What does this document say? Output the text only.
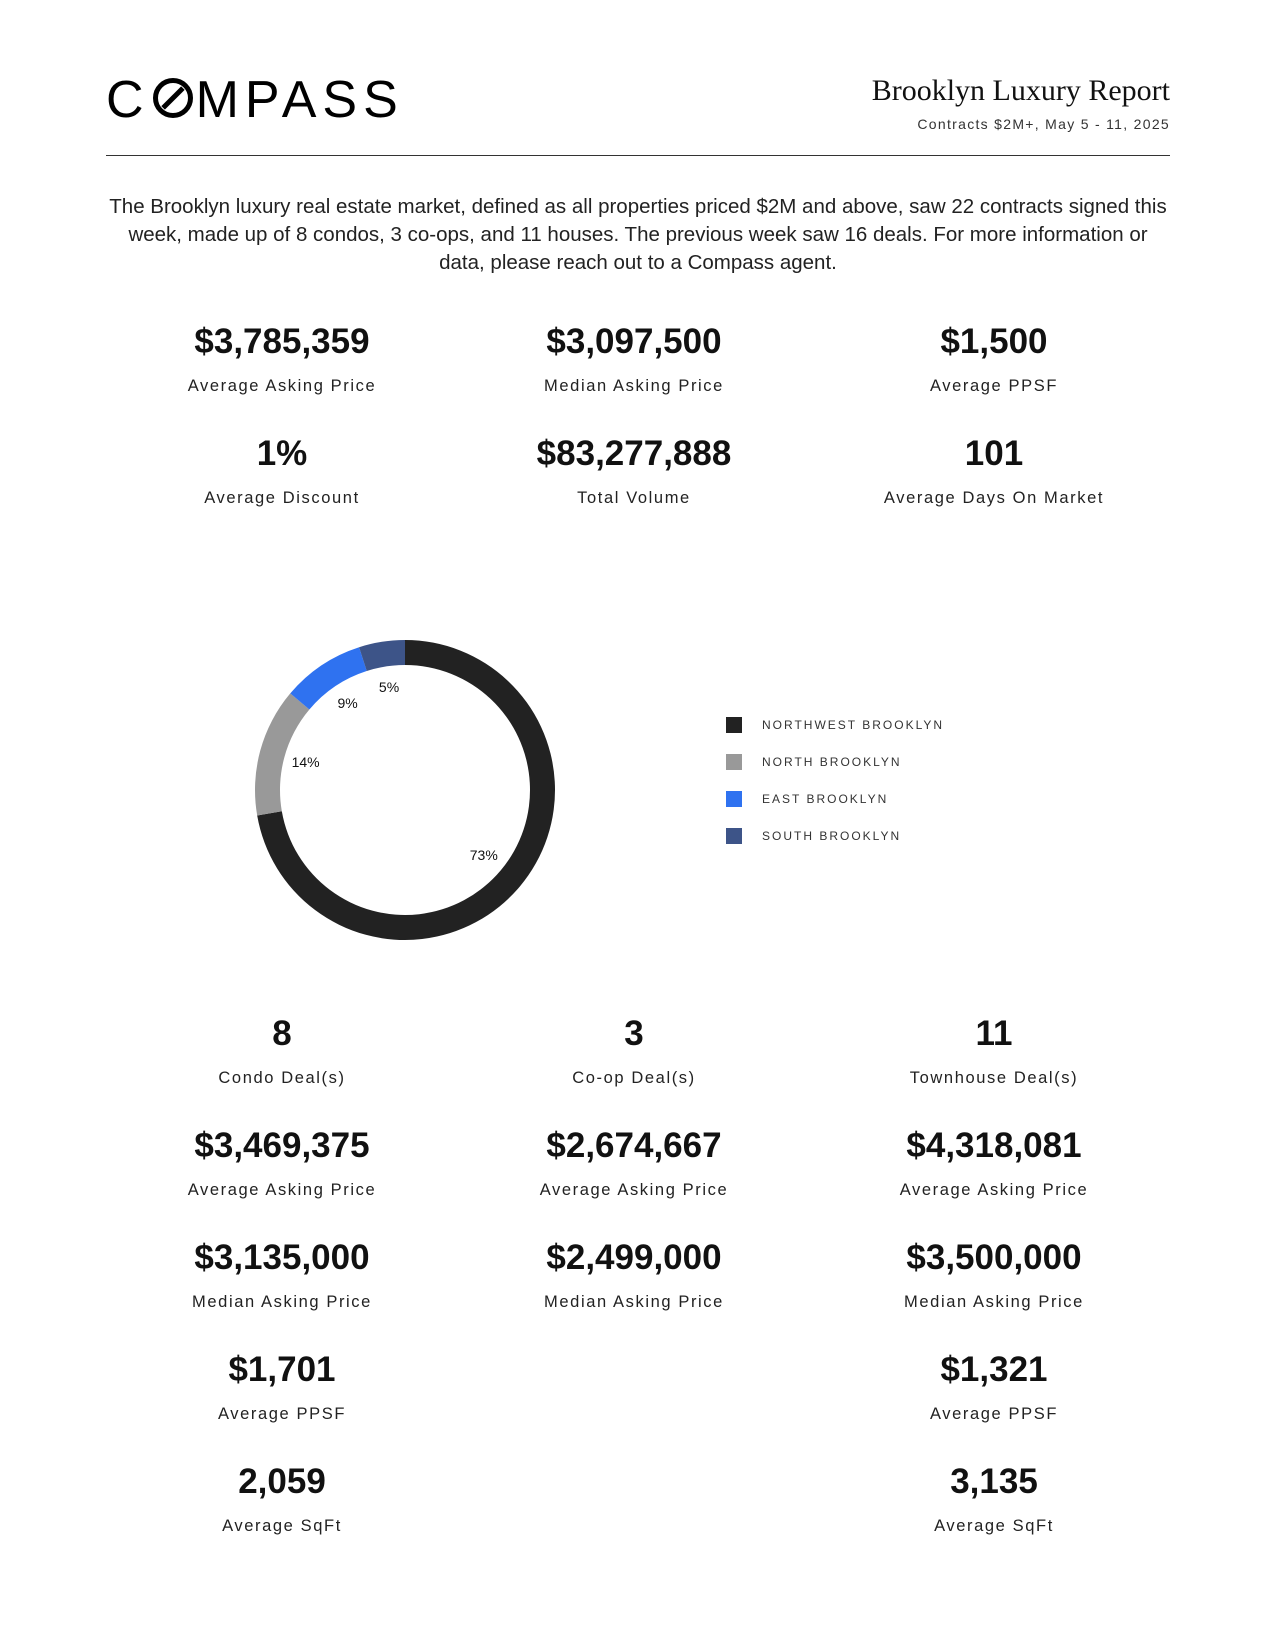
C MPASS	Brooklyn Luxury Report
Contracts $2M+, May 5 - 11, 2025

The Brooklyn luxury real estate market, defined as all properties priced $2M and above, saw 22 contracts signed this week, made up of 8 condos, 3 co-ops, and 11 houses. The previous week saw 16 deals. For more information or data, please reach out to a Compass agent.

$3,785,359
Average Asking Price
$3,097,500
Median Asking Price
$1,500
Average PPSF
1%
Average Discount
$83,277,888
Total Volume
101
Average Days On Market
73%
14%
9%
5%
NORTHWEST BROOKLYN
NORTH BROOKLYN
EAST BROOKLYN
SOUTH BROOKLYN
8
Condo Deal(s)
$3,469,375
Average Asking Price
$3,135,000
Median Asking Price
$1,701
Average PPSF
2,059
Average SqFt
3
Co-op Deal(s)
$2,674,667
Average Asking Price
$2,499,000
Median Asking Price
11
Townhouse Deal(s)
$4,318,081
Average Asking Price
$3,500,000
Median Asking Price
$1,321
Average PPSF
3,135
Average SqFt
